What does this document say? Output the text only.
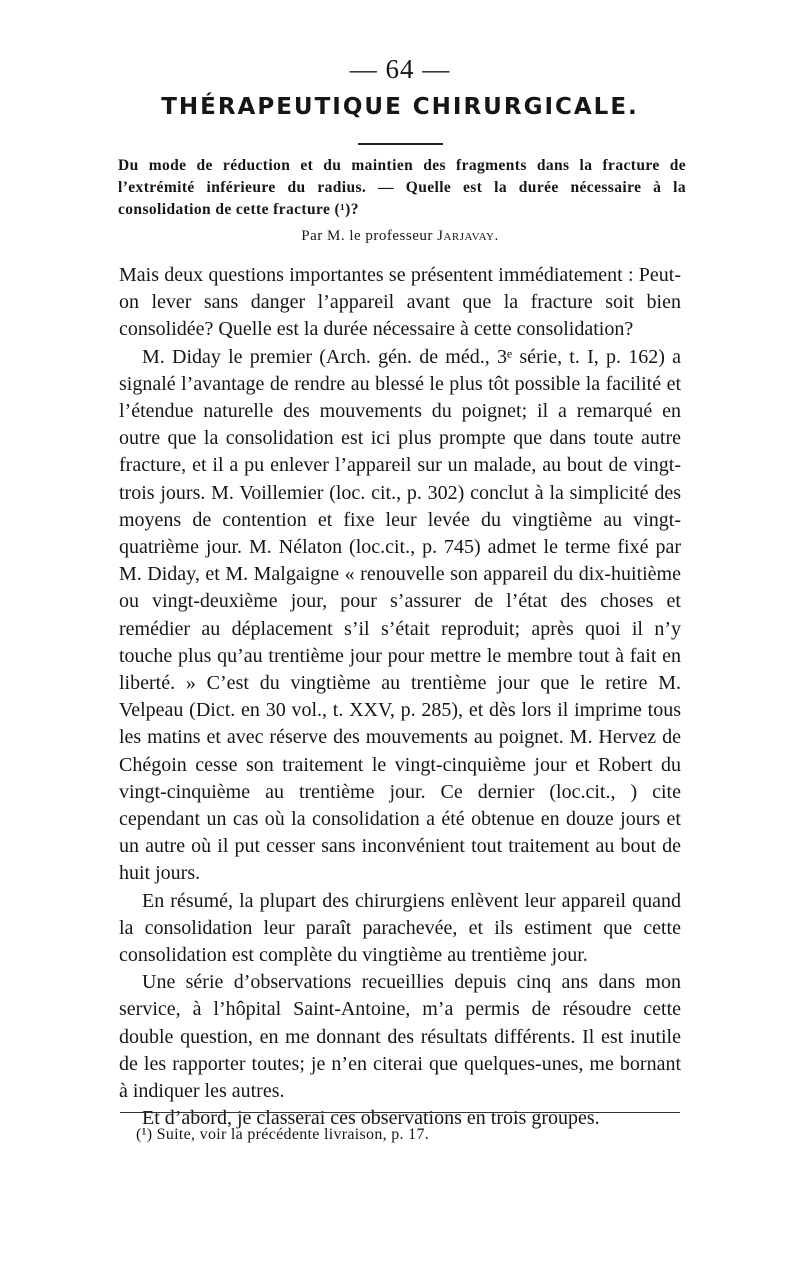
— 64 —
THÉRAPEUTIQUE CHIRURGICALE.

Du mode de réduction et du maintien des fragments dans la fracture de l’extrémité inférieure du radius. — Quelle est la durée nécessaire à la consolidation de cette fracture (¹)?

Par M. le professeur Jarjavay.

Mais deux questions importantes se présentent immédiatement : Peut-on lever sans danger l’appareil avant que la fracture soit bien consolidée? Quelle est la durée nécessaire à cette consolidation?

M. Diday le premier (Arch. gén. de méd., 3ᵉ série, t. I, p. 162) a signalé l’avantage de rendre au blessé le plus tôt possible la facilité et l’étendue naturelle des mouvements du poignet; il a remarqué en outre que la consolidation est ici plus prompte que dans toute autre fracture, et il a pu enlever l’appareil sur un malade, au bout de vingt-trois jours. M. Voillemier (loc. cit., p. 302) conclut à la simplicité des moyens de contention et fixe leur levée du vingtième au vingt-quatrième jour. M. Nélaton (loc.cit., p. 745) admet le terme fixé par M. Diday, et M. Malgaigne « renouvelle son appareil du dix-huitième ou vingt-deuxième jour, pour s’assurer de l’état des choses et remédier au déplacement s’il s’était reproduit; après quoi il n’y touche plus qu’au trentième jour pour mettre le membre tout à fait en liberté. » C’est du vingtième au trentième jour que le retire M. Velpeau (Dict. en 30 vol., t. XXV, p. 285), et dès lors il imprime tous les matins et avec réserve des mouvements au poignet. M. Hervez de Chégoin cesse son traitement le vingt-cinquième jour et Robert du vingt-cinquième au trentième jour. Ce dernier (loc.cit., ) cite cependant un cas où la consolidation a été obtenue en douze jours et un autre où il put cesser sans inconvénient tout traitement au bout de huit jours.

En résumé, la plupart des chirurgiens enlèvent leur appareil quand la consolidation leur paraît parachevée, et ils estiment que cette consolidation est complète du vingtième au trentième jour.

Une série d’observations recueillies depuis cinq ans dans mon service, à l’hôpital Saint-Antoine, m’a permis de résoudre cette double question, en me donnant des résultats différents. Il est inutile de les rapporter toutes; je n’en citerai que quelques-unes, me bornant à indiquer les autres.

Et d’abord, je classerai ces observations en trois groupes.

(¹) Suite, voir la précédente livraison, p. 17.
